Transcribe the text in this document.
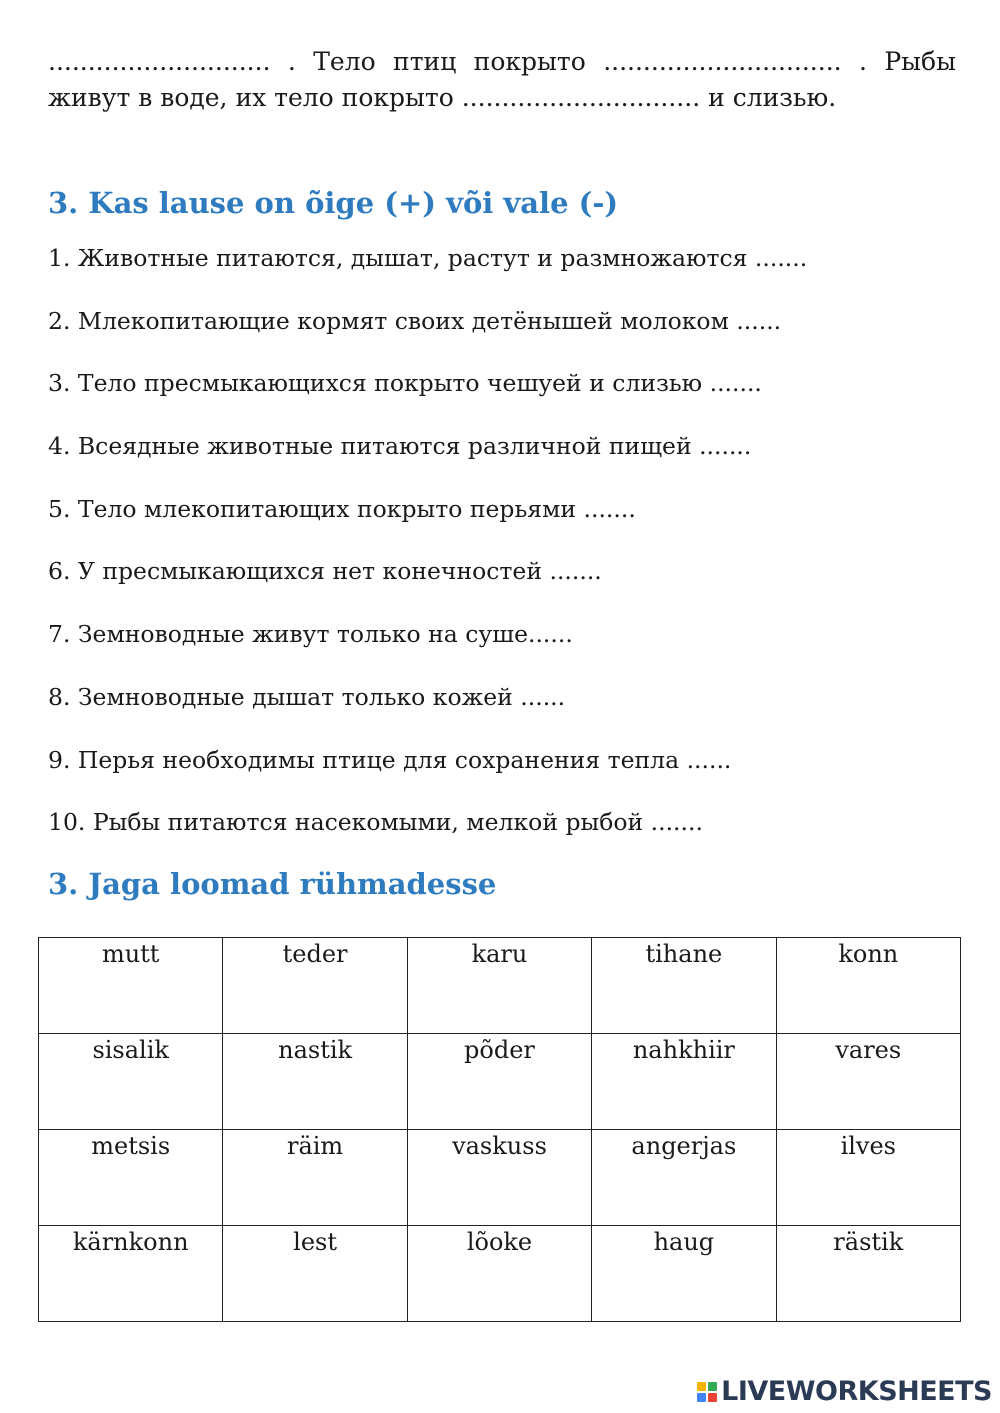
............................ . Тело птиц покрыто .............................. . Рыбы живут в воде, их тело покрыто .............................. и слизью.

3. Kas lause on õige (+) või vale (-)
1. Животные питаются, дышат, растут и размножаются .......
2. Млекопитающие кормят своих детёнышей молоком ......
3. Тело пресмыкающихся покрыто чешуей и слизью .......
4. Всеядные животные питаются различной пищей .......
5. Тело млекопитающих покрыто перьями .......
6. У пресмыкающихся нет конечностей .......
7. Земноводные живут только на суше......
8. Земноводные дышат только кожей ......
9. Перья необходимы птице для сохранения тепла ......
10. Рыбы питаются насекомыми, мелкой рыбой .......
3. Jaga loomad rühmadesse
mutt	teder	karu	tihane	konn
sisalik	nastik	põder	nahkhiir	vares
metsis	räim	vaskuss	angerjas	ilves
kärnkonn	lest	lõoke	haug	rästik
LIVEWORKSHEETS
